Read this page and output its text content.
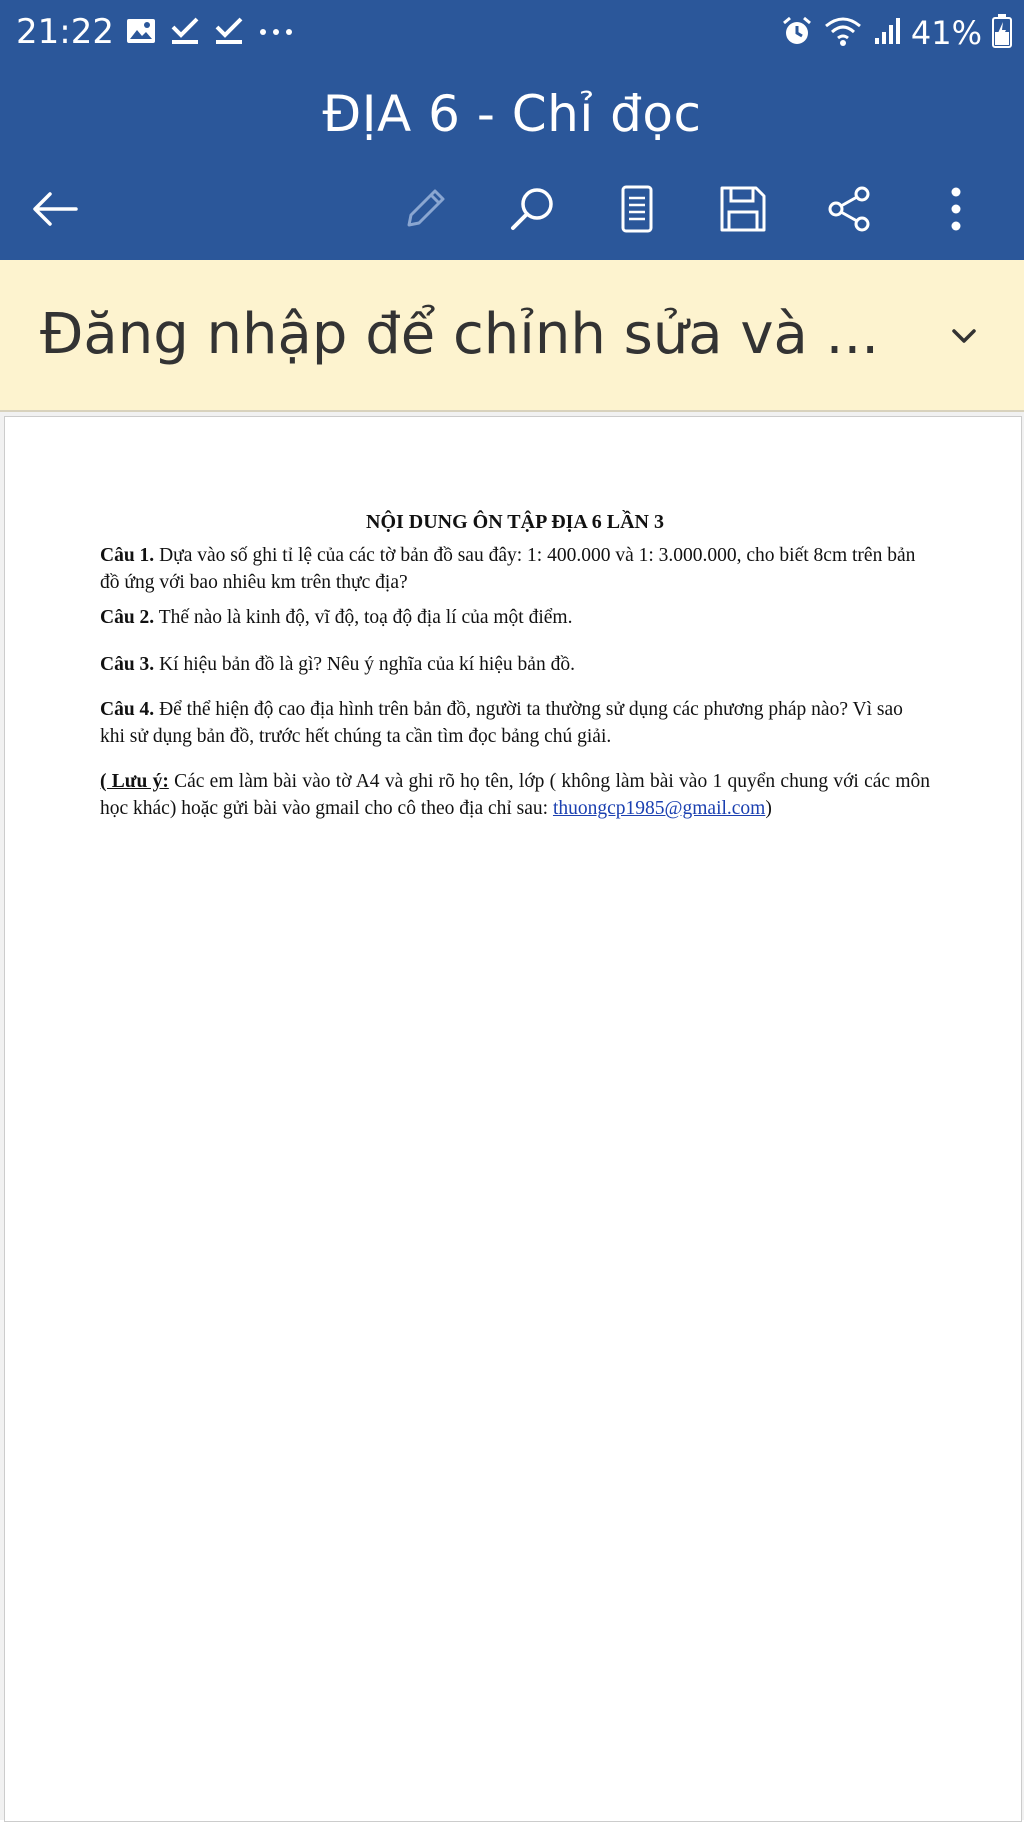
21:22	41%
ĐỊA 6 - Chỉ đọc
Đăng nhập để chỉnh sửa và ...
NỘI DUNG ÔN TẬP ĐỊA 6 LẦN 3

Câu 1. Dựa vào số ghi tỉ lệ của các tờ bản đồ sau đây: 1: 400.000 và 1: 3.000.000, cho biết 8cm trên bản đồ ứng với bao nhiêu km trên thực địa?

Câu 2. Thế nào là kinh độ, vĩ độ, toạ độ địa lí của một điểm.

Câu 3. Kí hiệu bản đồ là gì? Nêu ý nghĩa của kí hiệu bản đồ.

Câu 4. Để thể hiện độ cao địa hình trên bản đồ, người ta thường sử dụng các phương pháp nào? Vì sao khi sử dụng bản đồ, trước hết chúng ta cần tìm đọc bảng chú giải.

( Lưu ý: Các em làm bài vào tờ A4 và ghi rõ họ tên, lớp ( không làm bài vào 1 quyển chung với các môn học khác) hoặc gửi bài vào gmail cho cô theo địa chỉ sau: thuongcp1985@gmail.com)
